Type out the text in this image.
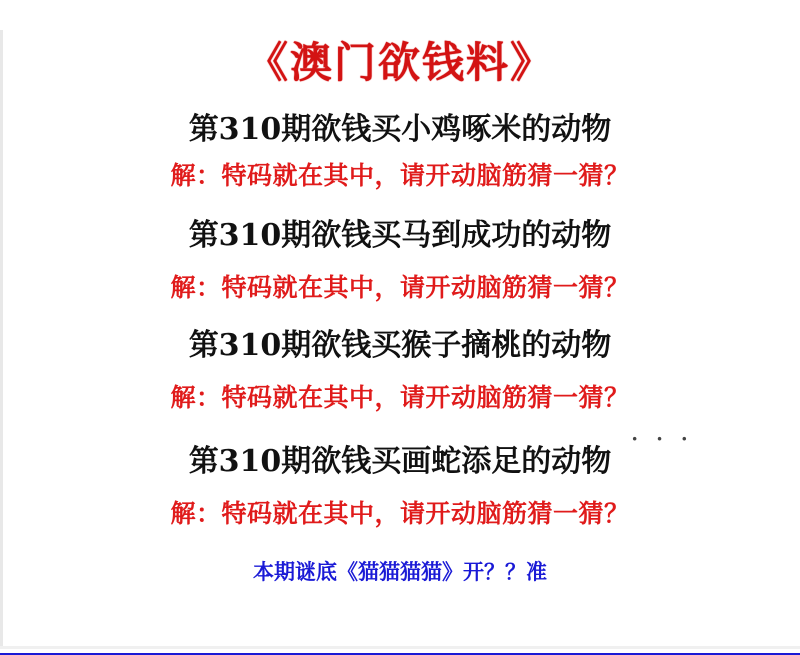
《澳门欲钱料》
第310期欲钱买小鸡啄米的动物
解：特码就在其中，请开动脑筋猜一猜？
第310期欲钱买马到成功的动物
解：特码就在其中，请开动脑筋猜一猜？
第310期欲钱买猴子摘桃的动物
解：特码就在其中，请开动脑筋猜一猜？
· · ·
第310期欲钱买画蛇添足的动物
解：特码就在其中，请开动脑筋猜一猜？
本期谜底《猫猫猫猫》开？？准
